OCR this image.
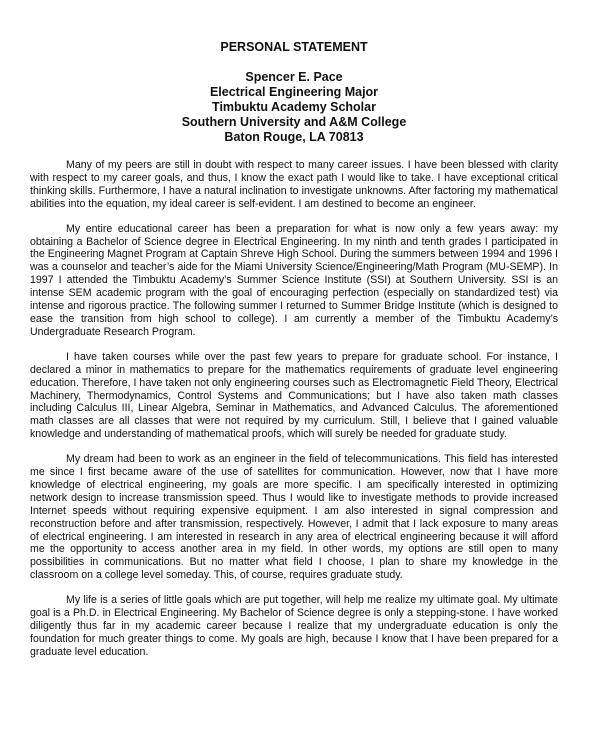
PERSONAL STATEMENT
Spencer E. Pace
Electrical Engineering Major
Timbuktu Academy Scholar
Southern University and A&M College
Baton Rouge, LA 70813

Many of my peers are still in doubt with respect to many career issues. I have been blessed with clarity with respect to my career goals, and thus, I know the exact path I would like to take. I have exceptional critical thinking skills. Furthermore, I have a natural inclination to investigate unknowns. After factoring my mathematical abilities into the equation, my ideal career is self-evident. I am destined to become an engineer.

My entire educational career has been a preparation for what is now only a few years away: my obtaining a Bachelor of Science degree in Electrical Engineering. In my ninth and tenth grades I participated in the Engineering Magnet Program at Captain Shreve High School. During the summers between 1994 and 1996 I was a counselor and teacher’s aide for the Miami University Science/Engineering/Math Program (MU-SEMP). In 1997 I attended the Timbuktu Academy’s Summer Science Institute (SSI) at Southern University. SSI is an intense SEM academic program with the goal of encouraging perfection (especially on standardized test) via intense and rigorous practice. The following summer I returned to Summer Bridge Institute (which is designed to ease the transition from high school to college). I am currently a member of the Timbuktu Academy’s Undergraduate Research Program.

I have taken courses while over the past few years to prepare for graduate school. For instance, I declared a minor in mathematics to prepare for the mathematics requirements of graduate level engineering education. Therefore, I have taken not only engineering courses such as Electromagnetic Field Theory, Electrical Machinery, Thermodynamics, Control Systems and Communications; but I have also taken math classes including Calculus III, Linear Algebra, Seminar in Mathematics, and Advanced Calculus. The aforementioned math classes are all classes that were not required by my curriculum. Still, I believe that I gained valuable knowledge and understanding of mathematical proofs, which will surely be needed for graduate study.

My dream had been to work as an engineer in the field of telecommunications. This field has interested me since I first became aware of the use of satellites for communication. However, now that I have more knowledge of electrical engineering, my goals are more specific. I am specifically interested in optimizing network design to increase transmission speed. Thus I would like to investigate methods to provide increased Internet speeds without requiring expensive equipment. I am also interested in signal compression and reconstruction before and after transmission, respectively. However, I admit that I lack exposure to many areas of electrical engineering. I am interested in research in any area of electrical engineering because it will afford me the opportunity to access another area in my field. In other words, my options are still open to many possibilities in communications. But no matter what field I choose, I plan to share my knowledge in the classroom on a college level someday. This, of course, requires graduate study.

My life is a series of little goals which are put together, will help me realize my ultimate goal. My ultimate goal is a Ph.D. in Electrical Engineering. My Bachelor of Science degree is only a stepping-stone. I have worked diligently thus far in my academic career because I realize that my undergraduate education is only the foundation for much greater things to come. My goals are high, because I know that I have been prepared for a graduate level education.
